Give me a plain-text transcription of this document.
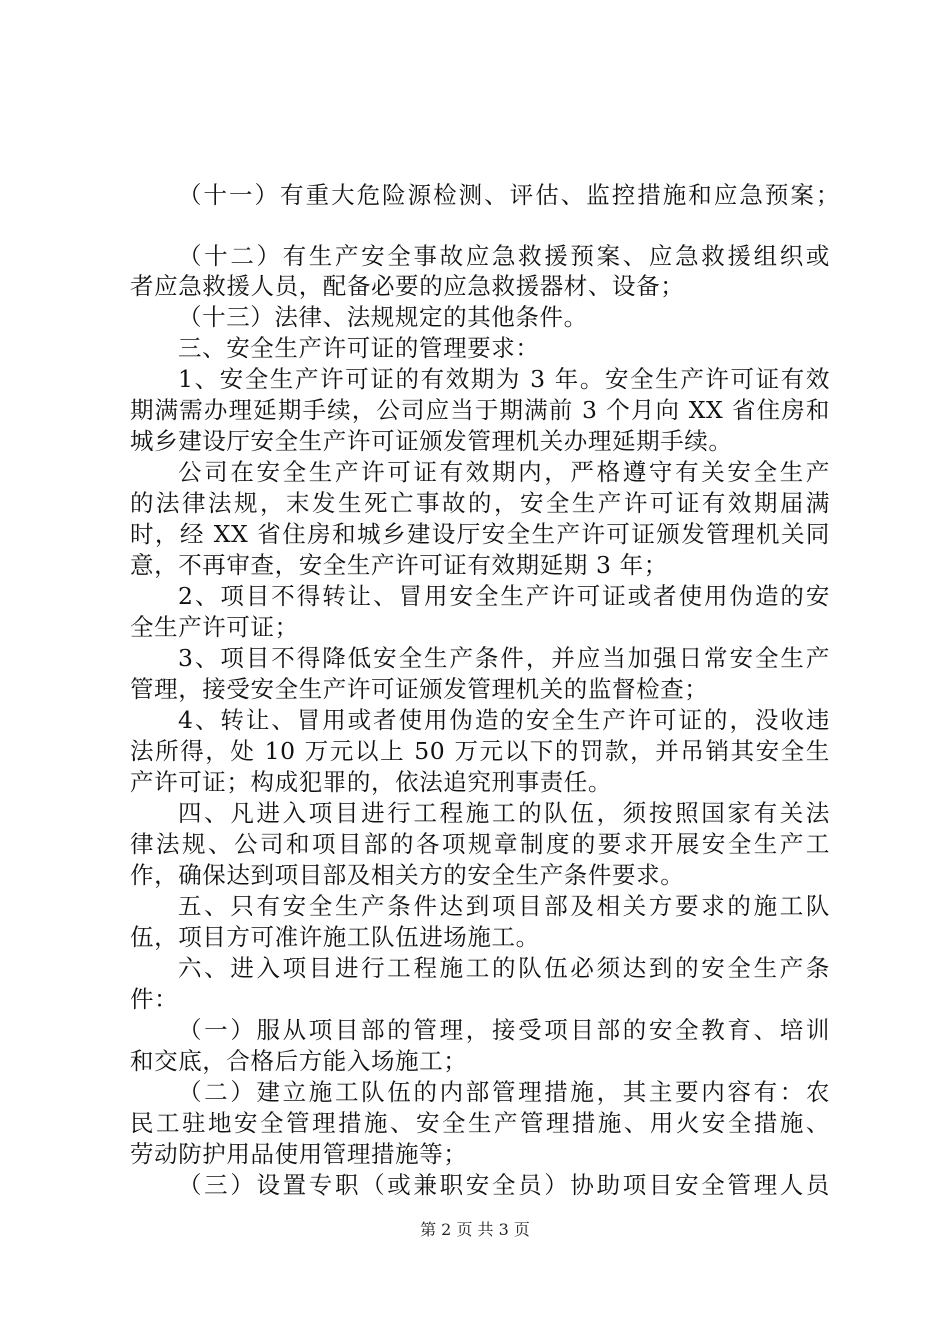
（十一）有重大危险源检测、评估、监控措施和应急预案；
（十二）有生产安全事故应急救援预案、应急救援组织或
者应急救援人员，配备必要的应急救援器材、设备；
（十三）法律、法规规定的其他条件。
三、安全生产许可证的管理要求：
1、安全生产许可证的有效期为 3 年。安全生产许可证有效
期满需办理延期手续，公司应当于期满前 3 个月向 XX 省住房和
城乡建设厅安全生产许可证颁发管理机关办理延期手续。
公司在安全生产许可证有效期内，严格遵守有关安全生产
的法律法规，末发生死亡事故的，安全生产许可证有效期届满
时，经 XX 省住房和城乡建设厅安全生产许可证颁发管理机关同
意，不再审查，安全生产许可证有效期延期 3 年；
2、项目不得转让、冒用安全生产许可证或者使用伪造的安
全生产许可证；
3、项目不得降低安全生产条件，并应当加强日常安全生产
管理，接受安全生产许可证颁发管理机关的监督检查；
4、转让、冒用或者使用伪造的安全生产许可证的，没收违
法所得，处 10 万元以上 50 万元以下的罚款，并吊销其安全生
产许可证；构成犯罪的，依法追究刑事责任。
四、凡进入项目进行工程施工的队伍，须按照国家有关法
律法规、公司和项目部的各项规章制度的要求开展安全生产工
作，确保达到项目部及相关方的安全生产条件要求。
五、只有安全生产条件达到项目部及相关方要求的施工队
伍，项目方可准许施工队伍进场施工。
六、进入项目进行工程施工的队伍必须达到的安全生产条
件：
（一）服从项目部的管理，接受项目部的安全教育、培训
和交底，合格后方能入场施工；
（二）建立施工队伍的内部管理措施，其主要内容有：农
民工驻地安全管理措施、安全生产管理措施、用火安全措施、
劳动防护用品使用管理措施等；
（三）设置专职（或兼职安全员）协助项目安全管理人员
第 2 页 共 3 页
